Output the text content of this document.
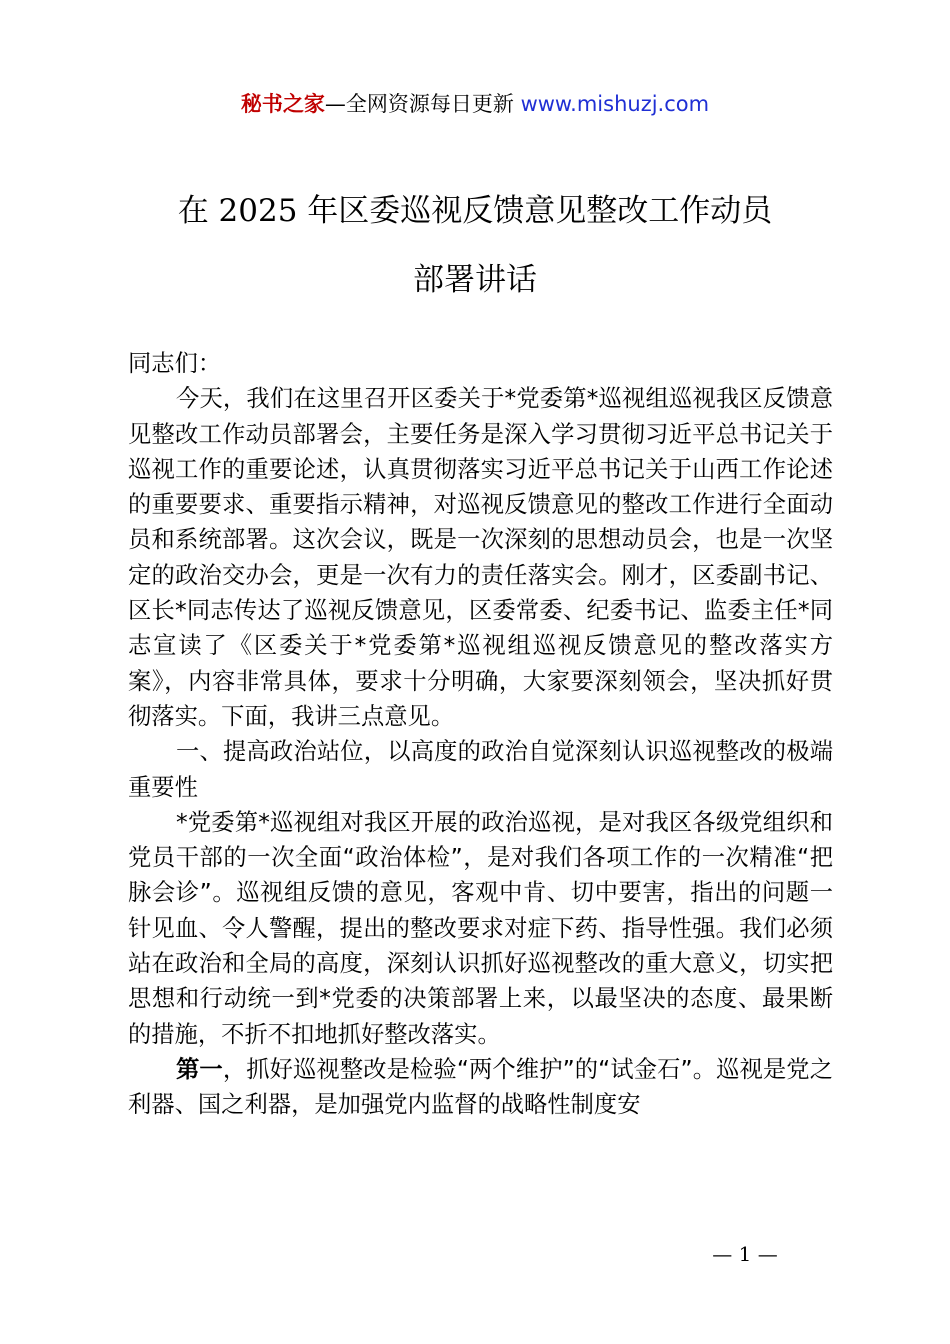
秘书之家—全网资源每日更新 www.mishuzj.com
在 2025 年区委巡视反馈意见整改工作动员
部署讲话

同志们：

今天，我们在这里召开区委关于*党委第*巡视组巡视我区反馈意见整改工作动员部署会，主要任务是深入学习贯彻习近平总书记关于巡视工作的重要论述，认真贯彻落实习近平总书记关于山西工作论述的重要要求、重要指示精神，对巡视反馈意见的整改工作进行全面动员和系统部署。这次会议，既是一次深刻的思想动员会，也是一次坚定的政治交办会，更是一次有力的责任落实会。刚才，区委副书记、区长*同志传达了巡视反馈意见，区委常委、纪委书记、监委主任*同志宣读了《区委关于*党委第*巡视组巡视反馈意见的整改落实方案》，内容非常具体，要求十分明确，大家要深刻领会，坚决抓好贯彻落实。下面，我讲三点意见。

一、提高政治站位，以高度的政治自觉深刻认识巡视整改的极端重要性

*党委第*巡视组对我区开展的政治巡视，是对我区各级党组织和党员干部的一次全面“政治体检”，是对我们各项工作的一次精准“把脉会诊”。巡视组反馈的意见，客观中肯、切中要害，指出的问题一针见血、令人警醒，提出的整改要求对症下药、指导性强。我们必须站在政治和全局的高度，深刻认识抓好巡视整改的重大意义，切实把思想和行动统一到*党委的决策部署上来，以最坚决的态度、最果断的措施，不折不扣地抓好整改落实。

第一，抓好巡视整改是检验“两个维护”的“试金石”。巡视是党之利器、国之利器，是加强党内监督的战略性制度安

— 1 —
